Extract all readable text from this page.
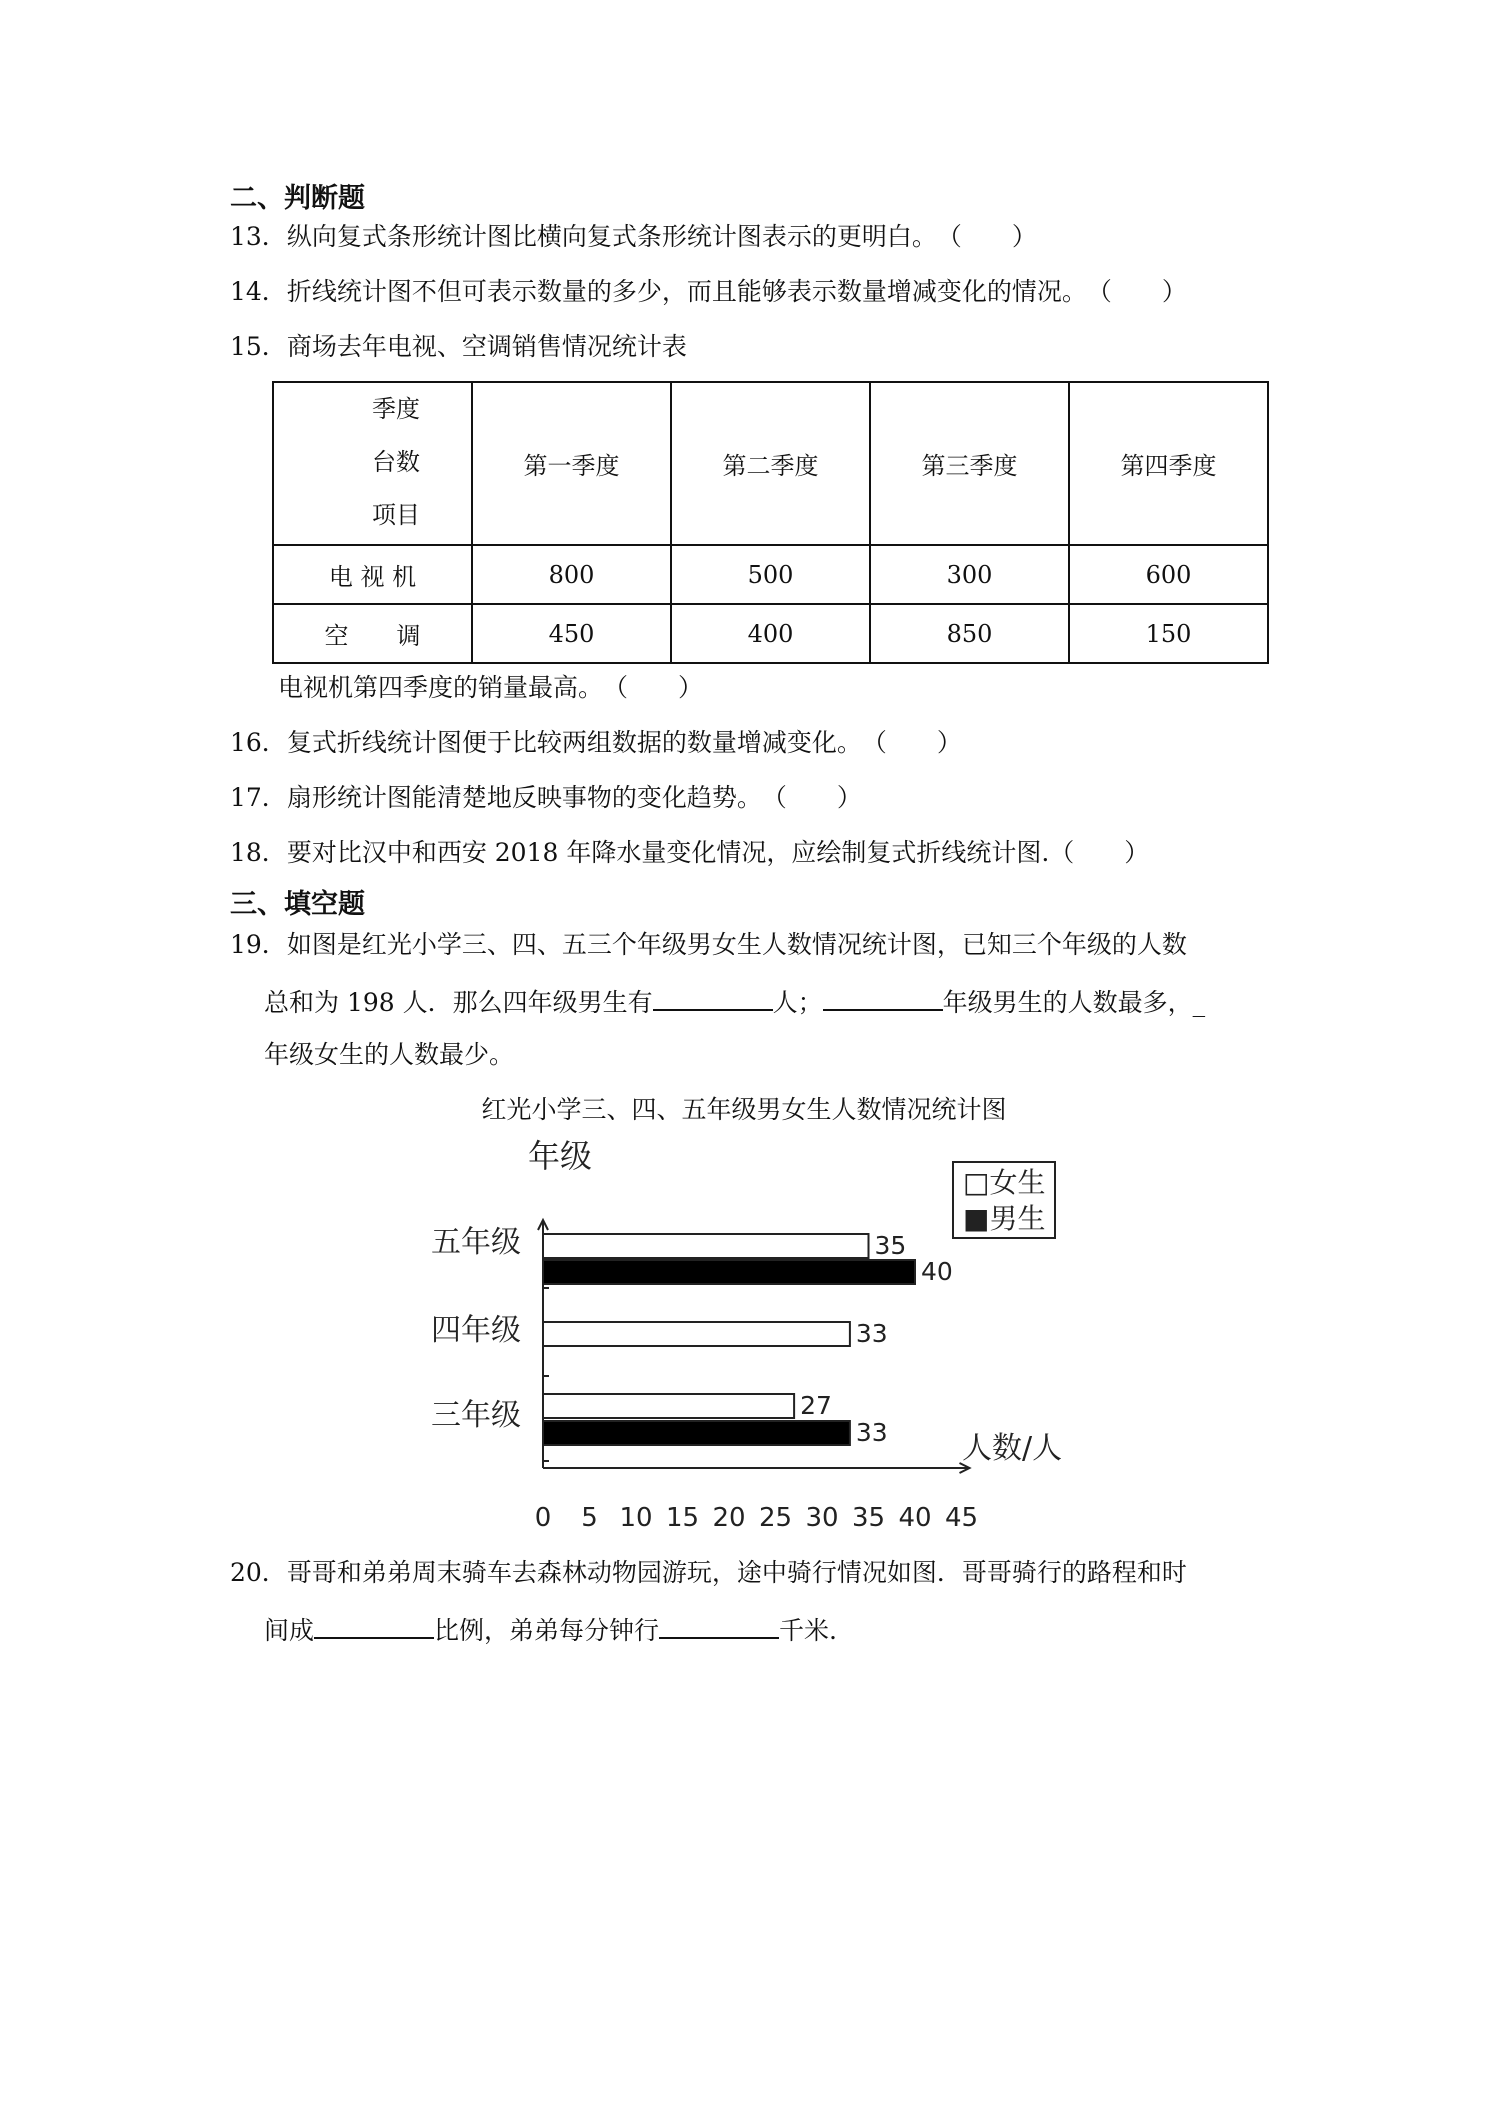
二、判断题
13．纵向复式条形统计图比横向复式条形统计图表示的更明白。（　　）
14．折线统计图不但可表示数量的多少，而且能够表示数量增减变化的情况。（　　）
15．商场去年电视、空调销售情况统计表
季度
台数
项目	第一季度	第二季度	第三季度	第四季度
电 视 机	800	500	300	600
空　　调	450	400	850	150
电视机第四季度的销量最高。（　　）
16．复式折线统计图便于比较两组数据的数量增减变化。（　　）
17．扇形统计图能清楚地反映事物的变化趋势。（　　）
18．要对比汉中和西安 2018 年降水量变化情况，应绘制复式折线统计图.（　　）
三、填空题
19．如图是红光小学三、四、五三个年级男女生人数情况统计图，已知三个年级的人数
总和为 198 人．那么四年级男生有	人；	年级男生的人数最多，_
年级女生的人数最少。
红光小学三、四、五年级男女生人数情况统计图
年级
0 5 10 15 20 25 30 35 40 45
五年级	35
40
四年级	33
三年级	27
33
□女生
■男生
人数/人
20．哥哥和弟弟周末骑车去森林动物园游玩，途中骑行情况如图．哥哥骑行的路程和时
间成	比例，弟弟每分钟行	千米.
